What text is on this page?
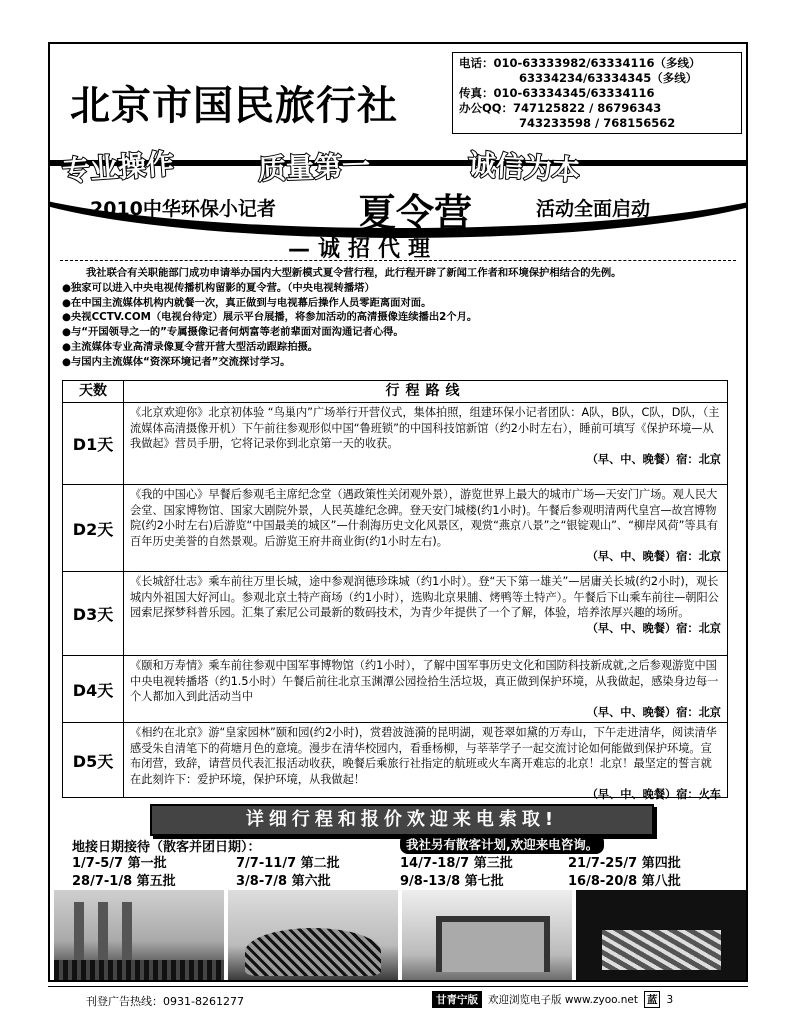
北京市国民旅行社
电话：010-63333982/63334116（多线）
63334234/63334345（多线）
传真：010-63334345/63334116
办公QQ：747125822 / 86796343
743233598 / 768156562
专业操作	质量第一	诚信为本
2010中华环保小记者 夏令营	活动全面启动
—诚招代理

我社联合有关职能部门成功申请举办国内大型新模式夏令营行程，此行程开辟了新闻工作者和环境保护相结合的先例。

●独家可以进入中央电视传播机构留影的夏令营。（中央电视转播塔）

●在中国主流媒体机构内就餐一次，真正做到与电视幕后操作人员零距离面对面。

●央视CCTV.COM（电视台待定）展示平台展播，将参加活动的高清摄像连续播出2个月。

●与“开国领导之一的”专属摄像记者何炳富等老前辈面对面沟通记者心得。

●主流媒体专业高清录像夏令营开营大型活动跟踪拍摄。

●与国内主流媒体“资深环境记者”交流探讨学习。

天数	行程路线
D1天
《北京欢迎你》北京初体验 “鸟巢内”广场举行开营仪式，集体拍照，组建环保小记者团队：A队，B队，C队，D队，（主流媒体高清摄像开机）下午前往参观形似中国“鲁班锁”的中国科技馆新馆（约2小时左右），睡前可填写《保护环境—从我做起》营员手册，它将记录你到北京第一天的收获。
（早、中、晚餐）宿：北京
D2天
《我的中国心》早餐后参观毛主席纪念堂（遇政策性关闭观外景），游览世界上最大的城市广场—天安门广场。观人民大会堂、国家博物馆、国家大剧院外景，人民英雄纪念碑。登天安门城楼(约1小时)。午餐后参观明清两代皇宫—故宫博物院(约2小时左右)后游览“中国最美的城区”—什刹海历史文化风景区，观赏“燕京八景”之“银锭观山”、“柳岸风荷”等具有百年历史美誉的自然景观。后游览王府井商业街(约1小时左右)。
（早、中、晚餐）宿：北京
D3天
《长城舒壮志》乘车前往万里长城，途中参观润德珍珠城（约1小时）。登“天下第一雄关”—居庸关长城(约2小时)，观长城内外祖国大好河山。参观北京土特产商场（约1小时），选购北京果脯、烤鸭等土特产）。午餐后下山乘车前往—朝阳公园索尼探梦科普乐园。汇集了索尼公司最新的数码技术，为青少年提供了一个了解，体验，培养浓厚兴趣的场所。
（早、中、晚餐）宿：北京
D4天
《颐和万寿情》乘车前往参观中国军事博物馆（约1小时），了解中国军事历史文化和国防科技新成就,之后参观游览中国中央电视转播塔（约1.5小时）午餐后前往北京玉渊潭公园捡拾生活垃圾，真正做到保护环境，从我做起，感染身边每一个人都加入到此活动当中
（早、中、晚餐）宿：北京
D5天
《相约在北京》游“皇家园林”颐和园(约2小时)，赏碧波涟漪的昆明湖，观苍翠如黛的万寿山，下午走进清华，阅读清华感受朱自清笔下的荷塘月色的意境。漫步在清华校园内，看垂杨柳，与莘莘学子一起交流讨论如何能做到保护环境。宣布闭营，致辞，请营员代表汇报活动收获，晚餐后乘旅行社指定的航班或火车离开难忘的北京！北京！最坚定的誓言就在此刻许下：爱护环境，保护环境，从我做起！
（早、中、晚餐）宿：火车
详细行程和报价欢迎来电索取!
地接日期接待（散客并团日期）：	我社另有散客计划,欢迎来电咨询。
1/7-5/7 第一批	7/7-11/7 第二批	14/7-18/7 第三批	21/7-25/7 第四批
28/7-1/8 第五批	3/8-7/8 第六批	9/8-13/8 第七批	16/8-20/8 第八批
刊登广告热线：0931-8261277	甘青宁版 欢迎浏览电子版 www.zyoo.net 蓝 3
